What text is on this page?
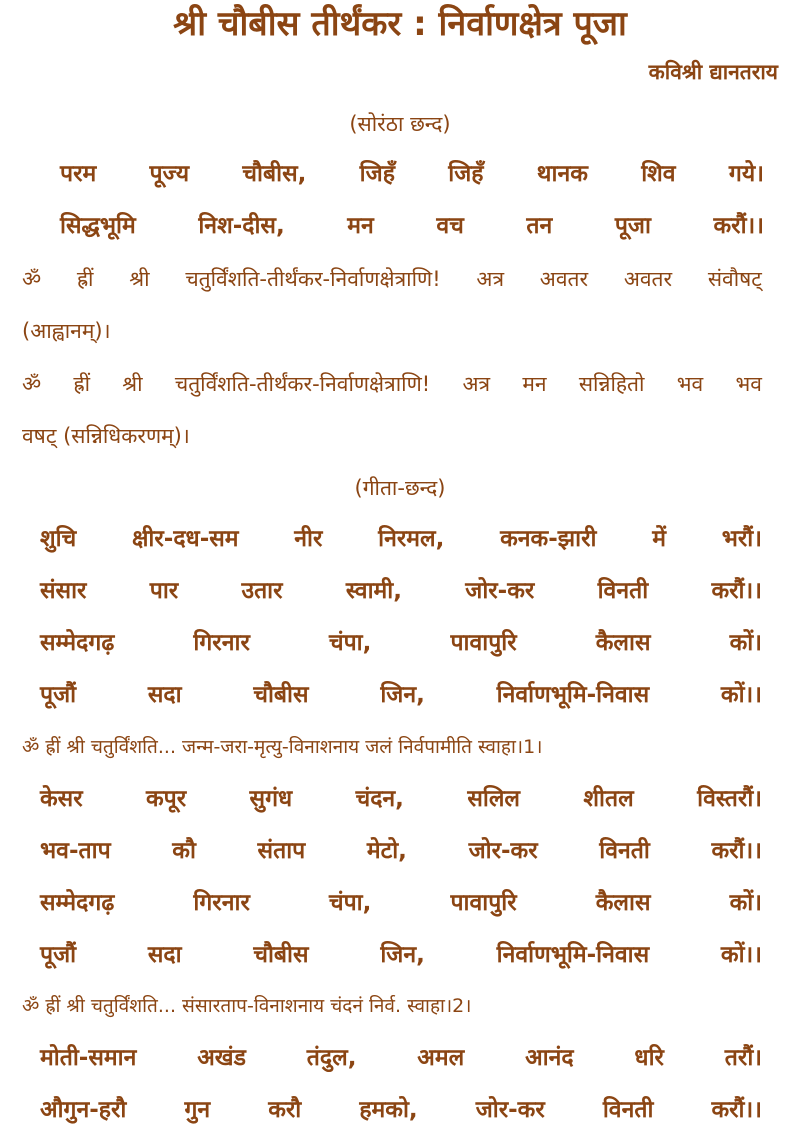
श्री चौबीस तीर्थंकर : निर्वाणक्षेत्र पूजा
कविश्री द्यानतराय
(सोरंठा छन्द)
परम पूज्य चौबीस, जिहँ जिहँ थानक शिव गये।
सिद्धभूमि	निश-दीस,	मन	वच	तन	पूजा	करौं।।
ॐ ह्रीं श्री चतुर्विंशति-तीर्थंकर-निर्वाणक्षेत्राणि! अत्र अवतर अवतर संवौषट्
(आह्वानम्)।
ॐ ह्रीं श्री चतुर्विंशति-तीर्थंकर-निर्वाणक्षेत्राणि! अत्र मन सन्निहितो भव भव
वषट् (सन्निधिकरणम्)।
(गीता-छन्द)
शुचि क्षीर-दध-सम नीर निरमल, कनक-झारी में भरौं।
संसार	पार	उतार	स्वामी,	जोर-कर	विनती	करौं।।
सम्मेदगढ़	गिरनार	चंपा,	पावापुरि	कैलास	कों।
पूजौं	सदा	चौबीस	जिन,	निर्वाणभूमि-निवास	कों।।
ॐ ह्रीं श्री चतुर्विंशति... जन्म-जरा-मृत्यु-विनाशनाय जलं निर्वपामीति स्वाहा।1।
केसर	कपूर	सुगंध	चंदन,	सलिल	शीतल	विस्तरौं।
भव-ताप	कौ	संताप	मेटो,	जोर-कर	विनती	करौं।।
सम्मेदगढ़	गिरनार	चंपा,	पावापुरि	कैलास	कों।
पूजौं	सदा	चौबीस	जिन,	निर्वाणभूमि-निवास	कों।।
ॐ ह्रीं श्री चतुर्विंशति... संसारताप-विनाशनाय चंदनं निर्व. स्वाहा।2।
मोती-समान	अखंड	तंदुल,	अमल	आनंद	धरि	तरौं।
औगुन-हरौ	गुन	करौ	हमको,	जोर-कर	विनती	करौं।।
